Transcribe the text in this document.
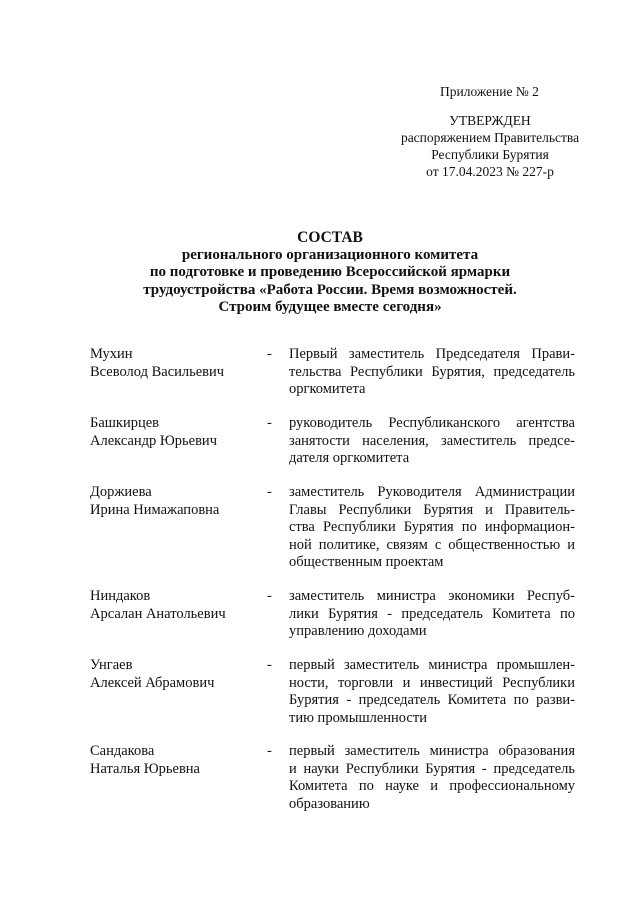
Приложение № 2
УТВЕРЖДЕН
распоряжением Правительства
Республики Бурятия
от 17.04.2023 № 227-р
СОСТАВ
регионального организационного комитета
по подготовке и проведению Всероссийской ярмарки
трудоустройства «Работа России. Время возможностей.
Строим будущее вместе сегодня»
Мухин
Всеволод Васильевич
- Первый заместитель Председателя Прави-
тельства Республики Бурятия, председатель
оргкомитета
Башкирцев
Александр Юрьевич
- руководитель Республиканского агентства
занятости населения, заместитель предсе-
дателя оргкомитета
Доржиева
Ирина Нимажаповна
- заместитель Руководителя Администрации
Главы Республики Бурятия и Правитель-
ства Республики Бурятия по информацион-
ной политике, связям с общественностью и
общественным проектам
Ниндаков
Арсалан Анатольевич
- заместитель министра экономики Респуб-
лики Бурятия - председатель Комитета по
управлению доходами
Унгаев
Алексей Абрамович
- первый заместитель министра промышлен-
ности, торговли и инвестиций Республики
Бурятия - председатель Комитета по разви-
тию промышленности
Сандакова
Наталья Юрьевна
- первый заместитель министра образования
и науки Республики Бурятия - председатель
Комитета по науке и профессиональному
образованию
